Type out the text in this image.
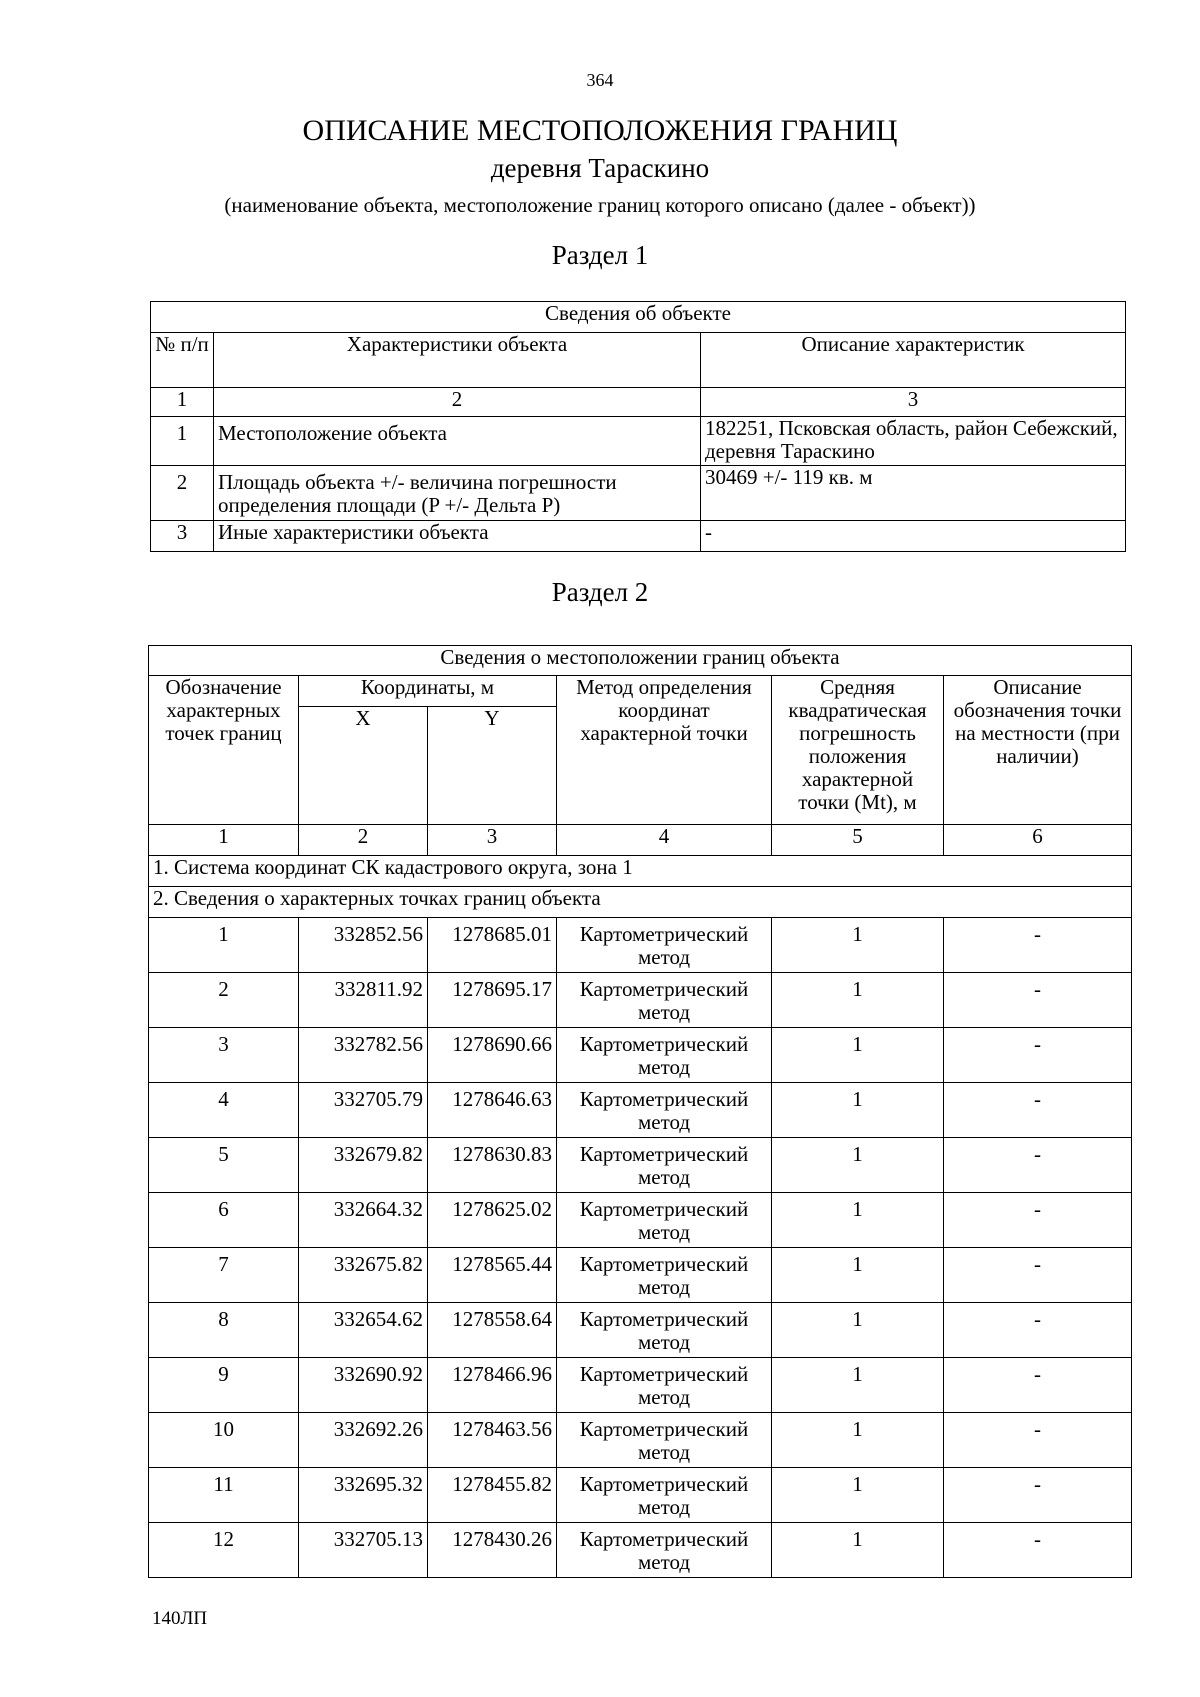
364
ОПИСАНИЕ МЕСТОПОЛОЖЕНИЯ ГРАНИЦ
деревня Тараскино
(наименование объекта, местоположение границ которого описано (далее - объект))
Раздел 1
Сведения об объекте		
№ п/п	Характеристики объекта	Описание характеристик
1	2	3
1	Местоположение объекта	182251, Псковская область, район Себежский, деревня Тараскино
2	Площадь объекта +/- величина погрешности определения площади (P +/- Дельта P)	30469 +/- 119 кв. м
3	Иные характеристики объекта	-
Раздел 2
Сведения о местоположении границ объекта					
Обозначение характерных точек границ	Координаты, м		Метод определения координат характерной точки	Средняя квадратическая погрешность положения характерной точки (Mt), м	Описание обозначения точки на местности (при наличии)
	X	Y			
1	2	3	4	5	6
1. Система координат СК кадастрового округа, зона 1					
2. Сведения о характерных точках границ объекта					
1	332852.56	1278685.01	Картометрический метод	1	-
2	332811.92	1278695.17	Картометрический метод	1	-
3	332782.56	1278690.66	Картометрический метод	1	-
4	332705.79	1278646.63	Картометрический метод	1	-
5	332679.82	1278630.83	Картометрический метод	1	-
6	332664.32	1278625.02	Картометрический метод	1	-
7	332675.82	1278565.44	Картометрический метод	1	-
8	332654.62	1278558.64	Картометрический метод	1	-
9	332690.92	1278466.96	Картометрический метод	1	-
10	332692.26	1278463.56	Картометрический метод	1	-
11	332695.32	1278455.82	Картометрический метод	1	-
12	332705.13	1278430.26	Картометрический метод	1	-
140ЛП
